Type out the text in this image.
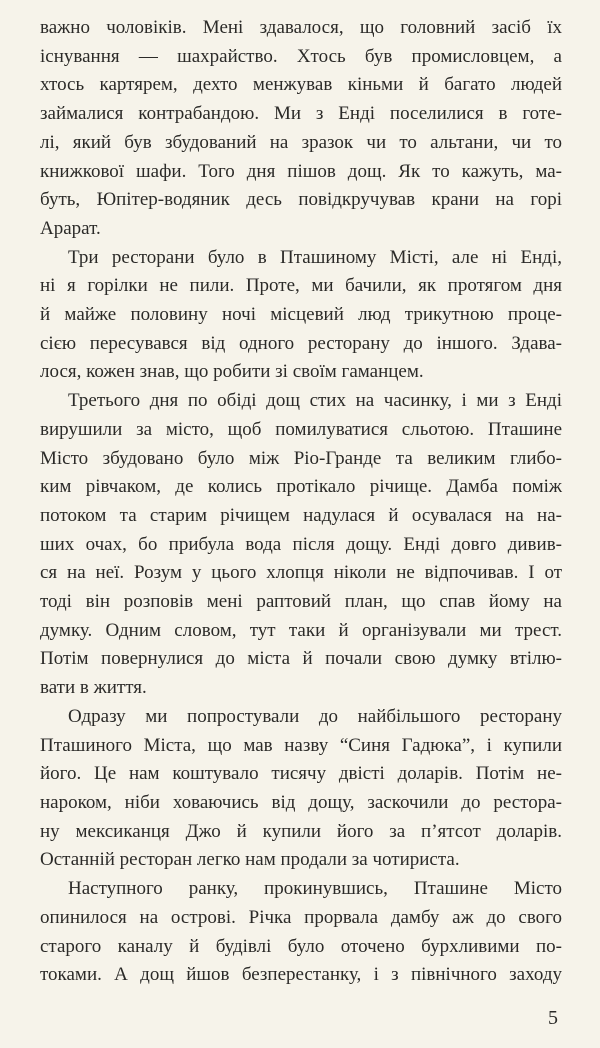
важно чоловіків. Мені здавалося, що головний засіб їх
існування — шахрайство. Хтось був промисловцем, а
хтось картярем, дехто менжував кіньми й багато людей
займалися контрабандою. Ми з Енді поселилися в готе-
лі, який був збудований на зразок чи то альтани, чи то
книжкової шафи. Того дня пішов дощ. Як то кажуть, ма-
буть, Юпітер-водяник десь повідкручував крани на горі
Арарат.
Три ресторани було в Пташиному Місті, але ні Енді,
ні я горілки не пили. Проте, ми бачили, як протягом дня
й майже половину ночі місцевий люд трикутною проце-
сією пересувався від одного ресторану до іншого. Здава-
лося, кожен знав, що робити зі своїм гаманцем.
Третього дня по обіді дощ стих на часинку, і ми з Енді
вирушили за місто, щоб помилуватися сльотою. Пташине
Місто збудовано було між Ріо-Гранде та великим глибо-
ким рівчаком, де колись протікало річище. Дамба поміж
потоком та старим річищем надулася й осувалася на на-
ших очах, бо прибула вода після дощу. Енді довго дивив-
ся на неї. Розум у цього хлопця ніколи не відпочивав. І от
тоді він розповів мені раптовий план, що спав йому на
думку. Одним словом, тут таки й організували ми трест.
Потім повернулися до міста й почали свою думку втілю-
вати в життя.
Одразу ми попростували до найбільшого ресторану
Пташиного Міста, що мав назву “Синя Гадюка”, і купили
його. Це нам коштувало тисячу двісті доларів. Потім не-
нароком, ніби ховаючись від дощу, заскочили до рестора-
ну мексиканця Джо й купили його за п’ятсот доларів.
Останній ресторан легко нам продали за чотириста.
Наступного ранку, прокинувшись, Пташине Місто
опинилося на острові. Річка прорвала дамбу аж до свого
старого каналу й будівлі було оточено бурхливими по-
токами. А дощ йшов безперестанку, і з північного заходу
5
